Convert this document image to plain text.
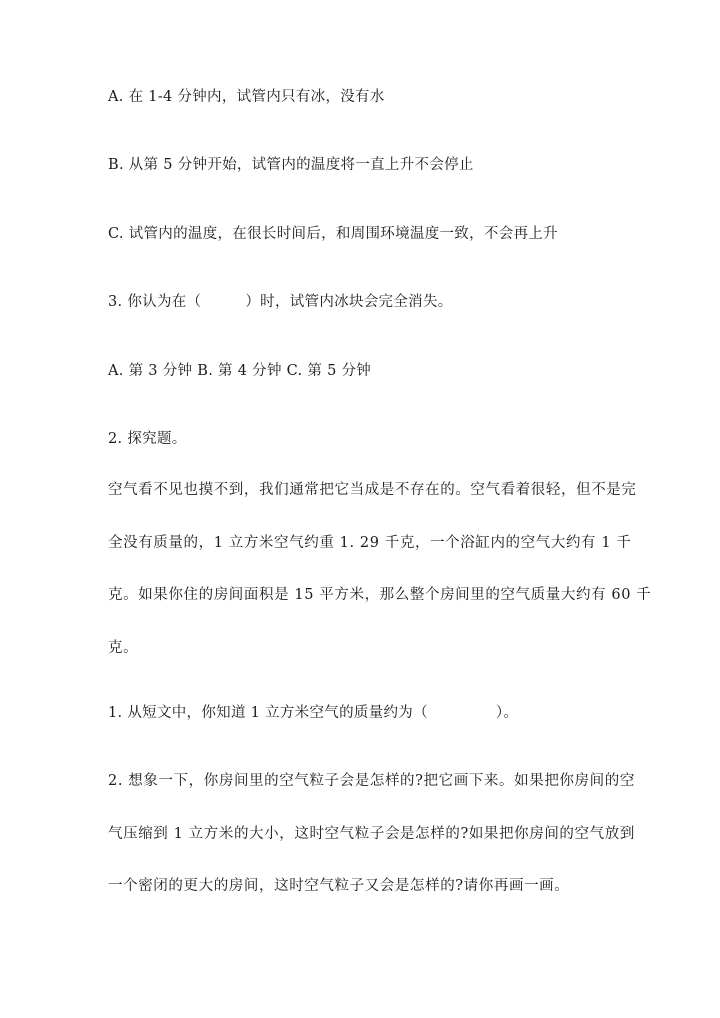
A. 在 1-4 分钟内，试管内只有冰，没有水
B. 从第 5 分钟开始，试管内的温度将一直上升不会停止
C. 试管内的温度，在很长时间后，和周围环境温度一致，不会再上升
3. 你认为在（	）时，试管内冰块会完全消失。
A. 第 3 分钟 B. 第 4 分钟 C. 第 5 分钟
2. 探究题。
空气看不见也摸不到，我们通常把它当成是不存在的。空气看着很轻，但不是完
全没有质量的，1 立方米空气约重 1. 29 千克，一个浴缸内的空气大约有 1 千
克。如果你住的房间面积是 15 平方米，那么整个房间里的空气质量大约有 60 千
克。
1. 从短文中，你知道 1 立方米空气的质量约为（	）。
2. 想象一下，你房间里的空气粒子会是怎样的?把它画下来。如果把你房间的空
气压缩到 1 立方米的大小，这时空气粒子会是怎样的?如果把你房间的空气放到
一个密闭的更大的房间，这时空气粒子又会是怎样的?请你再画一画。
